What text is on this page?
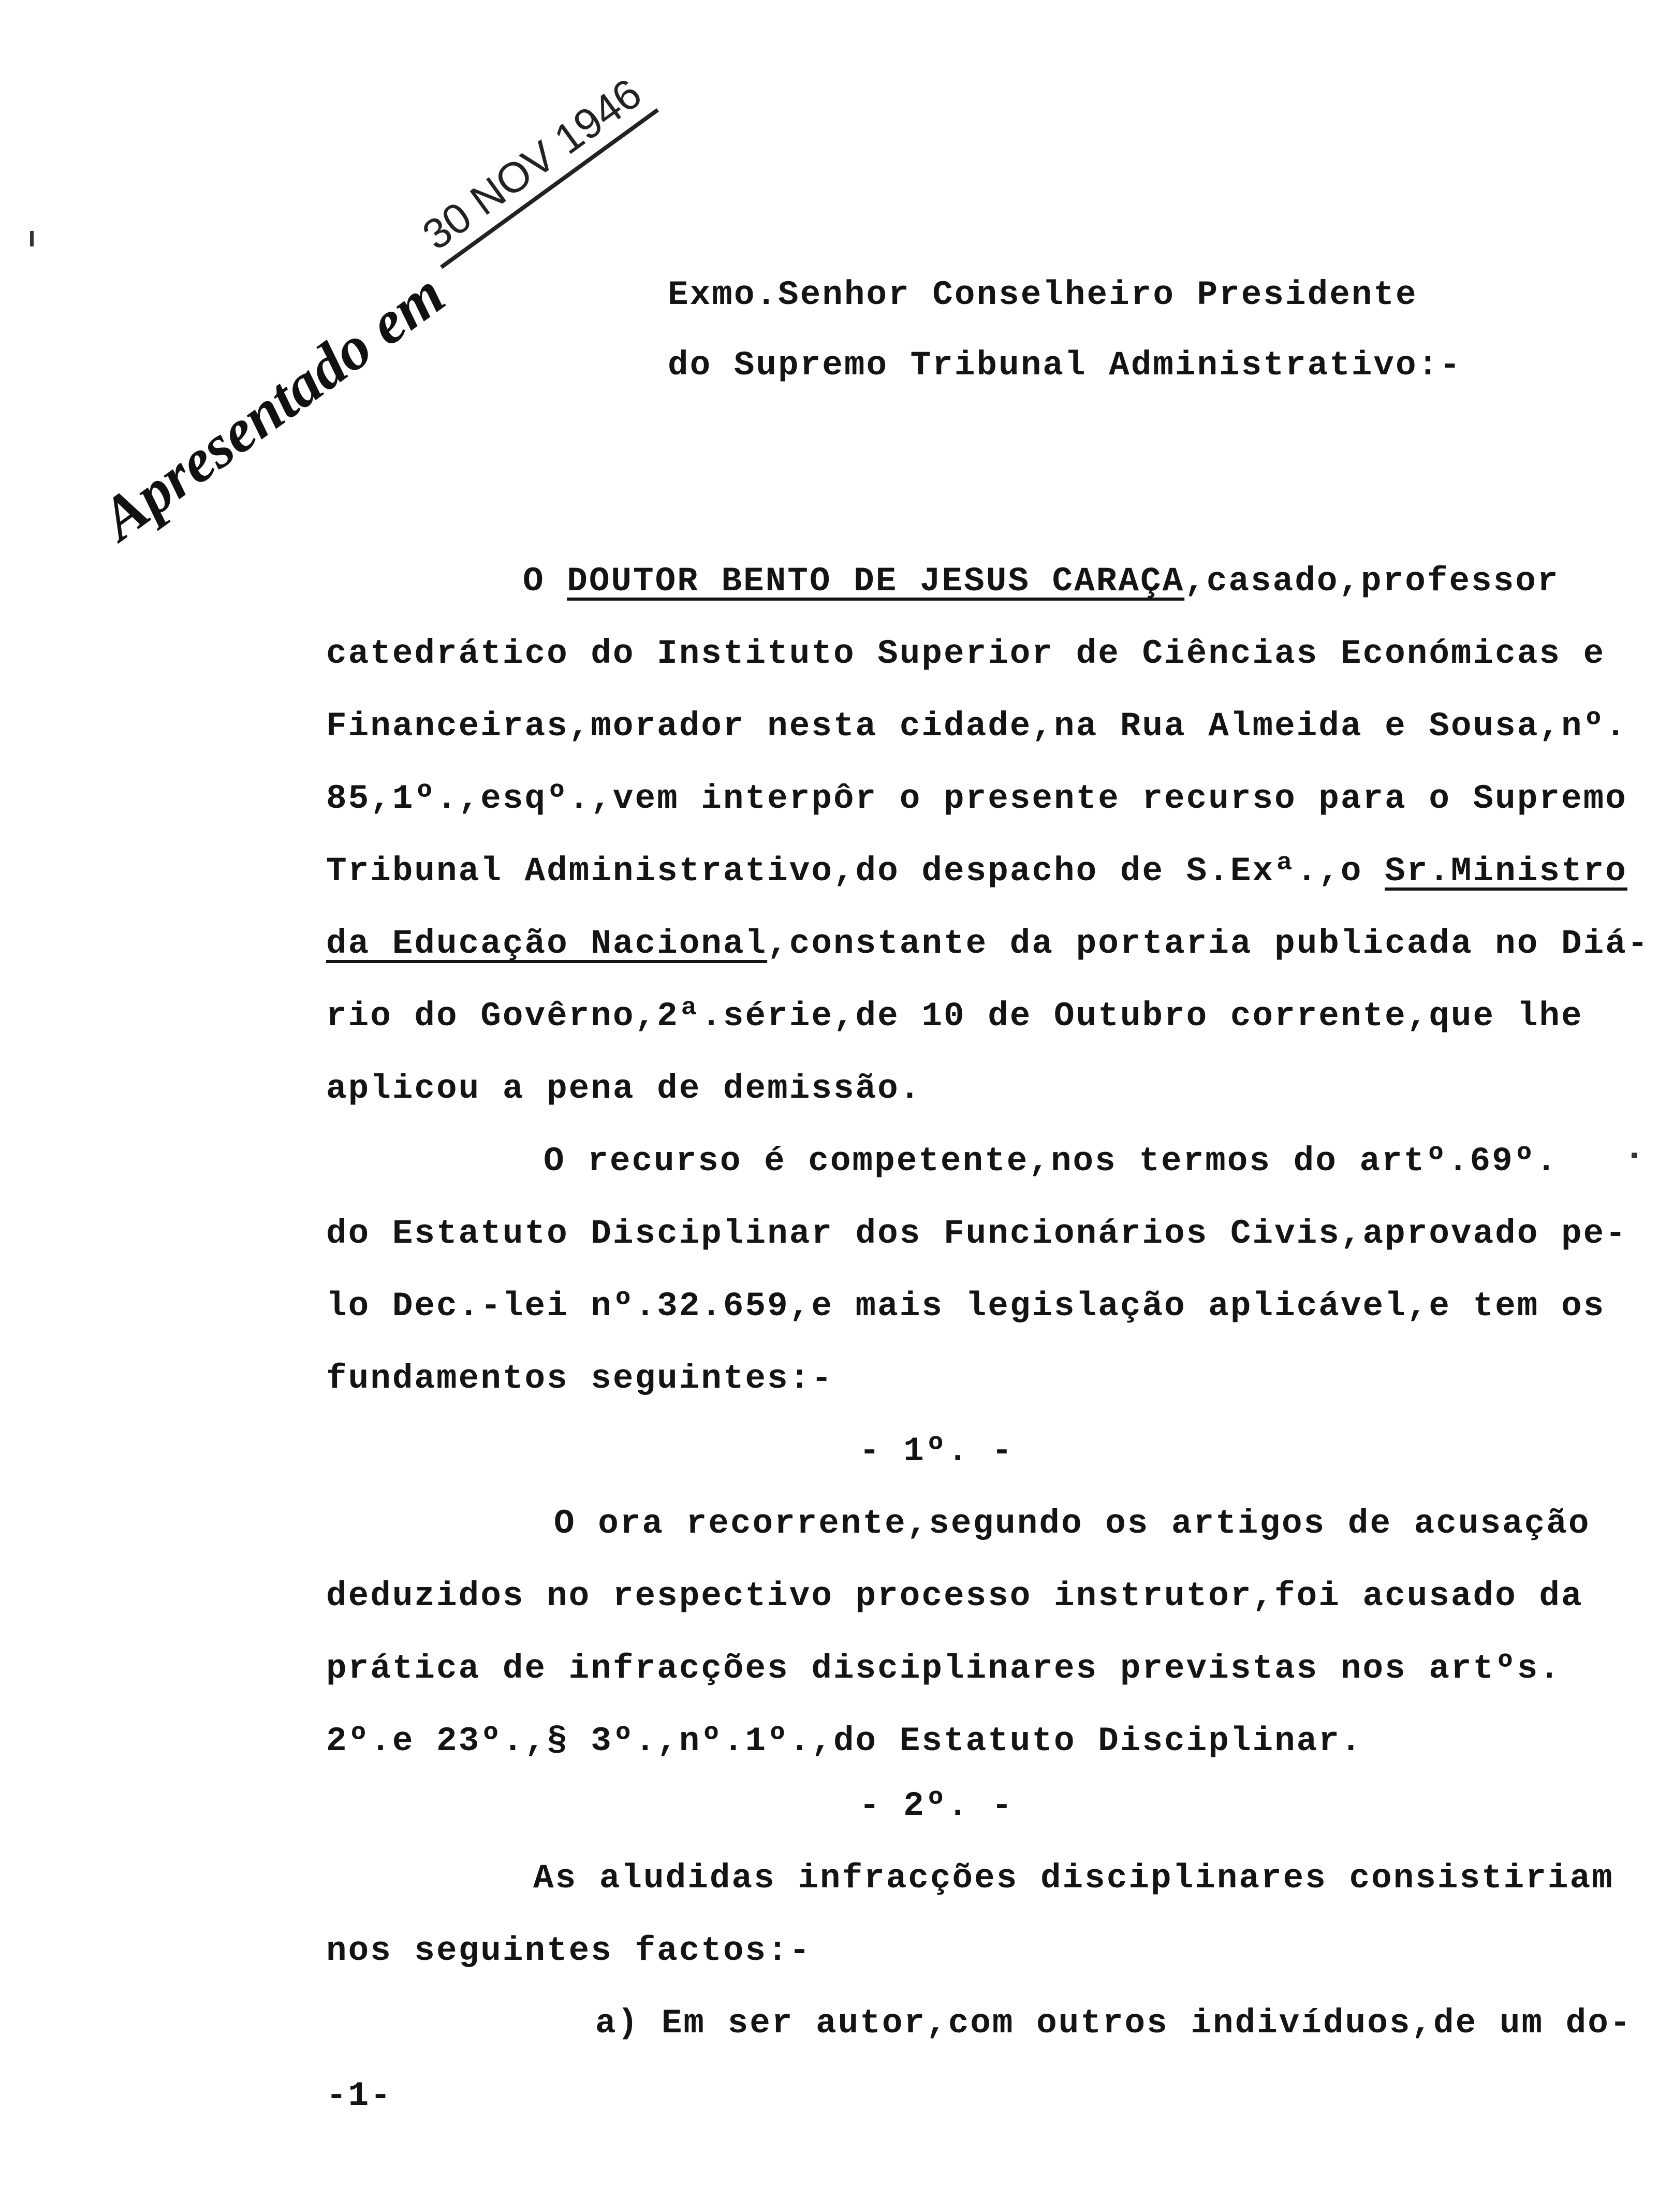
Apresentado em30 NOV 1946
Exmo.Senhor Conselheiro Presidente
do Supremo Tribunal Administrativo:-
O DOUTOR BENTO DE JESUS CARAÇA,casado,professor
catedrático do Instituto Superior de Ciências Económicas e
Financeiras,morador nesta cidade,na Rua Almeida e Sousa,nº.
85,1º.,esqº.,vem interpôr o presente recurso para o Supremo
Tribunal Administrativo,do despacho de S.Exª.,o Sr.Ministro
da Educação Nacional,constante da portaria publicada no Diá-
rio do Govêrno,2ª.série,de 10 de Outubro corrente,que lhe
aplicou a pena de demissão.
O recurso é competente,nos termos do artº.69º.
do Estatuto Disciplinar dos Funcionários Civis,aprovado pe-
lo Dec.-lei nº.32.659,e mais legislação aplicável,e tem os
fundamentos seguintes:-
- 1º. -
O ora recorrente,segundo os artigos de acusação
deduzidos no respectivo processo instrutor,foi acusado da
prática de infracções disciplinares previstas nos artºs.
2º.e 23º.,§ 3º.,nº.1º.,do Estatuto Disciplinar.
- 2º. -
As aludidas infracções disciplinares consistiriam
nos seguintes factos:-
a) Em ser autor,com outros indivíduos,de um do-
-1-
